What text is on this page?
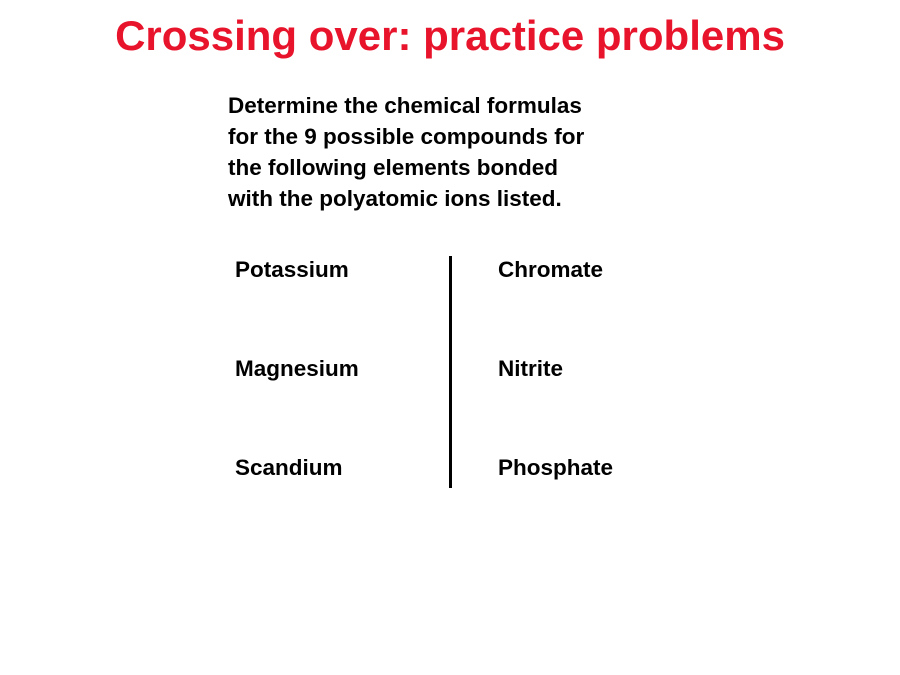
Crossing over: practice problems

Determine the chemical formulas
for the 9 possible compounds for
the following elements bonded
with the polyatomic ions listed.

Potassium
Magnesium
Scandium
Chromate
Nitrite
Phosphate
